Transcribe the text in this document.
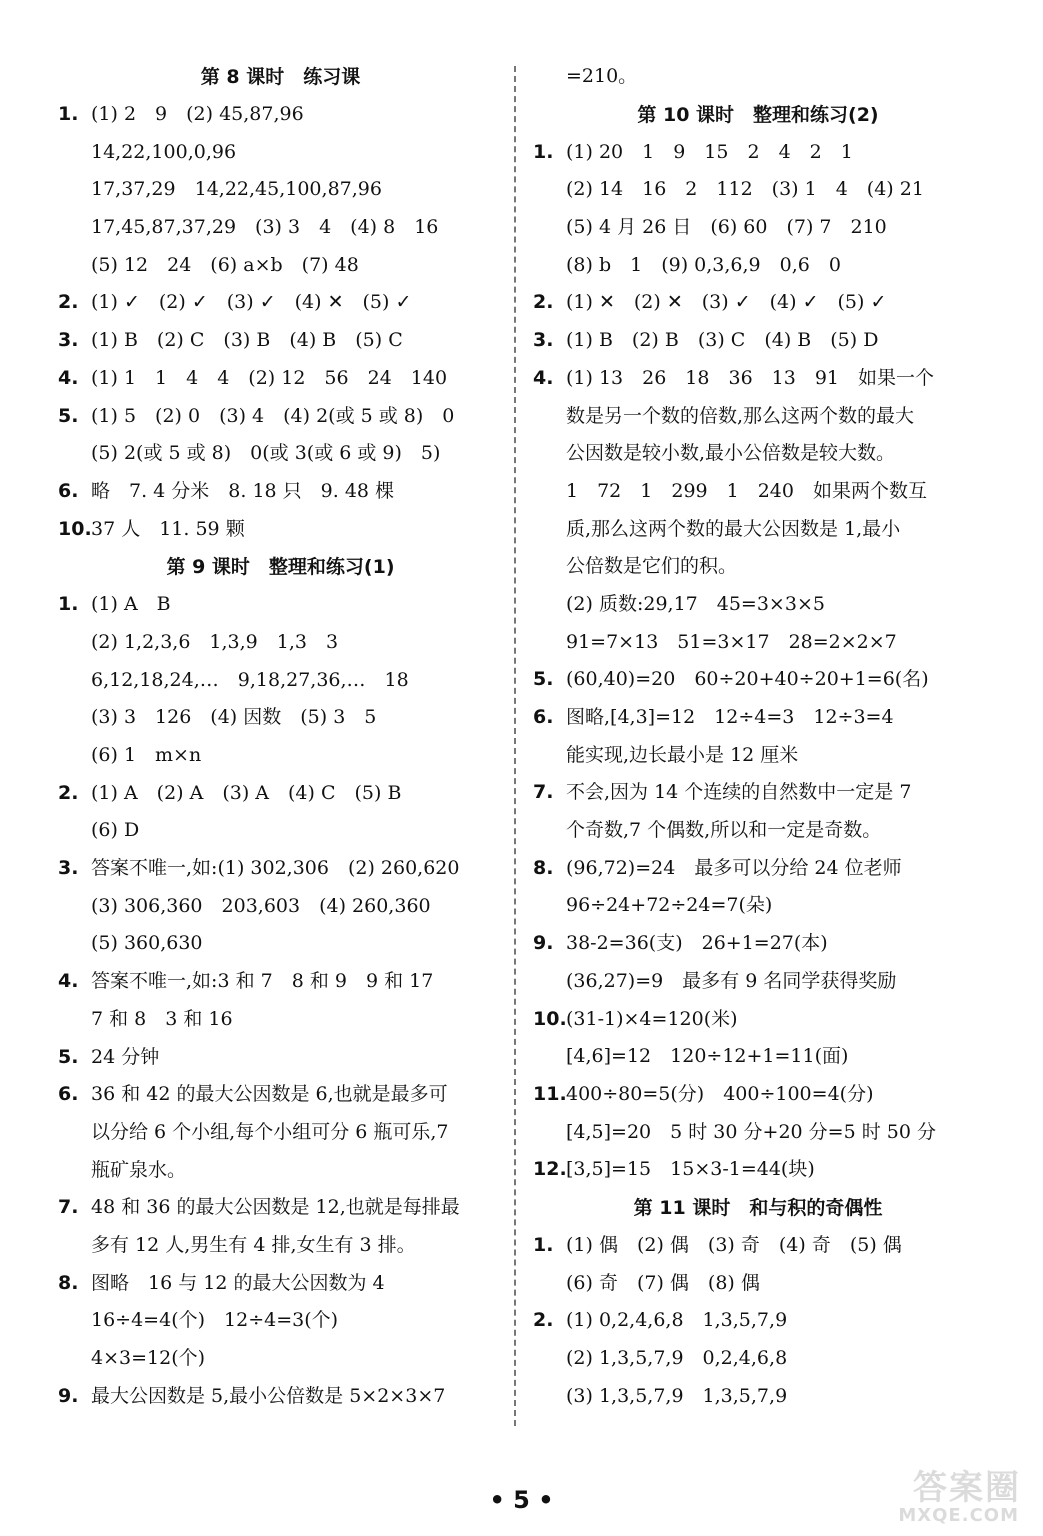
第 8 课时　练习课
1. (1) 2　9　(2) 45,87,96
14,22,100,0,96
17,37,29　14,22,45,100,87,96
17,45,87,37,29　(3) 3　4　(4) 8　16
(5) 12　24　(6) a×b　(7) 48
2. (1) ✓　(2) ✓　(3) ✓　(4) ✕　(5) ✓
3. (1) B　(2) C　(3) B　(4) B　(5) C
4. (1) 1　1　4　4　(2) 12　56　24　140
5. (1) 5　(2) 0　(3) 4　(4) 2(或 5 或 8)　0
(5) 2(或 5 或 8)　0(或 3(或 6 或 9)　5)
6. 略　7. 4 分米　8. 18 只　9. 48 棵
10. 37 人　11. 59 颗
第 9 课时　整理和练习(1)
1. (1) A　B
(2) 1,2,3,6　1,3,9　1,3　3
6,12,18,24,…　9,18,27,36,…　18
(3) 3　126　(4) 因数　(5) 3　5
(6) 1　m×n
2. (1) A　(2) A　(3) A　(4) C　(5) B
(6) D
3. 答案不唯一,如:(1) 302,306　(2) 260,620
(3) 306,360　203,603　(4) 260,360
(5) 360,630
4. 答案不唯一,如:3 和 7　8 和 9　9 和 17
7 和 8　3 和 16
5. 24 分钟
6. 36 和 42 的最大公因数是 6,也就是最多可
以分给 6 个小组,每个小组可分 6 瓶可乐,7
瓶矿泉水。
7. 48 和 36 的最大公因数是 12,也就是每排最
多有 12 人,男生有 4 排,女生有 3 排。
8. 图略　16 与 12 的最大公因数为 4
16÷4=4(个)　12÷4=3(个)
4×3=12(个)
9. 最大公因数是 5,最小公倍数是 5×2×3×7
=210。
第 10 课时　整理和练习(2)
1. (1) 20　1　9　15　2　4　2　1
(2) 14　16　2　112　(3) 1　4　(4) 21
(5) 4 月 26 日　(6) 60　(7) 7　210
(8) b　1　(9) 0,3,6,9　0,6　0
2. (1) ✕　(2) ✕　(3) ✓　(4) ✓　(5) ✓
3. (1) B　(2) B　(3) C　(4) B　(5) D
4. (1) 13　26　18　36　13　91　如果一个
数是另一个数的倍数,那么这两个数的最大
公因数是较小数,最小公倍数是较大数。
1　72　1　299　1　240　如果两个数互
质,那么这两个数的最大公因数是 1,最小
公倍数是它们的积。
(2) 质数:29,17　45=3×3×5
91=7×13　51=3×17　28=2×2×7
5. (60,40)=20　60÷20+40÷20+1=6(名)
6. 图略,[4,3]=12　12÷4=3　12÷3=4
能实现,边长最小是 12 厘米
7. 不会,因为 14 个连续的自然数中一定是 7
个奇数,7 个偶数,所以和一定是奇数。
8. (96,72)=24　最多可以分给 24 位老师
96÷24+72÷24=7(朵)
9. 38-2=36(支)　26+1=27(本)
(36,27)=9　最多有 9 名同学获得奖励
10. (31-1)×4=120(米)
[4,6]=12　120÷12+1=11(面)
11. 400÷80=5(分)　400÷100=4(分)
[4,5]=20　5 时 30 分+20 分=5 时 50 分
12. [3,5]=15　15×3-1=44(块)
第 11 课时　和与积的奇偶性
1. (1) 偶　(2) 偶　(3) 奇　(4) 奇　(5) 偶
(6) 奇　(7) 偶　(8) 偶
2. (1) 0,2,4,6,8　1,3,5,7,9
(2) 1,3,5,7,9　0,2,4,6,8
(3) 1,3,5,7,9　1,3,5,7,9
• 5 •	答案圈
MXQE.COM
